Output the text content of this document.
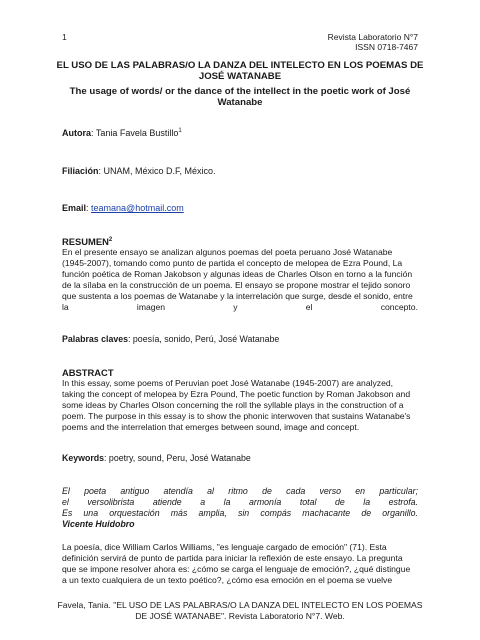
1	Revista Laboratorio N°7
ISSN 0718-7467
EL USO DE LAS PALABRAS/O LA DANZA DEL INTELECTO EN LOS POEMAS DE
JOSÉ WATANABE
The usage of words/ or the dance of the intellect in the poetic work of José
Watanabe
Autora: Tania Favela Bustillo$^1$
Filiación: UNAM, México D.F, México.
Email: teamana@hotmail.com
RESUMEN$^2$
En el presente ensayo se analizan algunos poemas del poeta peruano José Watanabe
(1945-2007), tomando como punto de partida el concepto de melopea de Ezra Pound, La
función poética de Roman Jakobson y algunas ideas de Charles Olson en torno a la función
de la sílaba en la construcción de un poema. El ensayo se propone mostrar el tejido sonoro
que sustenta a los poemas de Watanabe y la interrelación que surge, desde el sonido, entre
la	imagen	y	el	concepto.
Palabras claves: poesía, sonido, Perú, José Watanabe
ABSTRACT
In this essay, some poems of Peruvian poet José Watanabe (1945-2007) are analyzed,
taking the concept of melopea by Ezra Pound, The poetic function by Roman Jakobson and
some ideas by Charles Olson concerning the roll the syllable plays in the construction of a
poem. The purpose in this essay is to show the phonic interwoven that sustains Watanabe's
poems and the interrelation that emerges between sound, image and concept.
Keywords: poetry, sound, Peru, José Watanabe
El poeta antiguo atendía al ritmo de cada verso en particular;
el versolibrista atiende a la armonía total de la estrofa.
Es una orquestación más amplia, sin compás machacante de organillo.
Vicente Huidobro
La poesía, dice William Carlos Williams, "es lenguaje cargado de emoción" (71). Esta
definición servirá de punto de partida para iniciar la reflexión de este ensayo. La pregunta
que se impone resolver ahora es: ¿cómo se carga el lenguaje de emoción?, ¿qué distingue
a un texto cualquiera de un texto poético?, ¿cómo esa emoción en el poema se vuelve
Favela, Tania. "EL USO DE LAS PALABRAS/O LA DANZA DEL INTELECTO EN LOS POEMAS
DE JOSÉ WATANABE". Revista Laboratorio N°7. Web.
